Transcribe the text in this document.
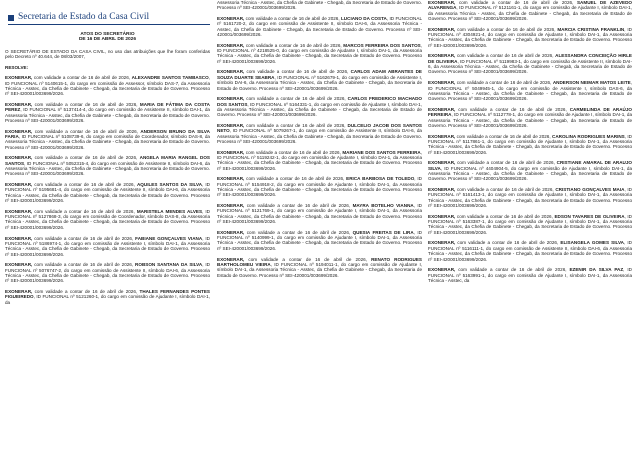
Secretaria de Estado da Casa Civil
ATOS DO SECRETÁRIO
DE 16 DE ABRIL DE 2026
O SECRETÁRIO DE ESTADO DA CASA CIVIL, no uso das atribuições que lhe foram conferidas pelo Decreto nº 40.644, de 08/03/2007,
RESOLVE:
EXONERAR, com validade a contar de 16 de abril de 2026, ALEXANDRE SANTOS TAMBASCO, ID FUNCIONAL nº 5140615-1, do cargo em comissão de Assessor, símbolo DAS-7, da Assessoria Técnica - Assteс, da Chefia de Gabinete - Chegab, da Secretaria de Estado de Governo. Processo nº SEI-420001/003699/2026.
EXONERAR, com validade a contar de 16 de abril de 2026, MARIA DE FÁTIMA DA COSTA PEREZ, ID FUNCIONAL nº 5137414-4, do cargo em comissão de Assistente II, símbolo DAI-1, da Assessoria Técnica - Assteс, da Chefia de Gabinete - Chegab, da Secretaria de Estado de Governo. Processo nº SEI-420001/003699/2026.
EXONERAR, com validade a contar de 16 de abril de 2026, ANDERSON BRUNO DA SILVA FARIA, ID FUNCIONAL nº 5108739-6, do cargo em comissão de Coordenador, símbolo DAS-8, da Assessoria Técnica - Assteс, da Chefia de Gabinete - Chegab, da Secretaria de Estado de Governo. Processo nº SEI-420001/003699/2026.
EXONERAR, com validade a contar de 16 de abril de 2026, ANGELA MARIA RANGEL DOS SANTOS, ID FUNCIONAL nº 5052315-4, do cargo em comissão de Assistente II, símbolo DAI-6, da Assessoria Técnica - Assteс, da Chefia de Gabinete - Chegab, da Secretaria de Estado de Governo. Processo nº SEI-420001/003699/2026.
EXONERAR, com validade a contar de 16 de abril de 2026, AQUILES SANTOS DA SILVA, ID FUNCIONAL nº 5195681-4, do cargo em comissão de Assistente II, símbolo DAI-6, da Assessoria Técnica - Assteс, da Chefia de Gabinete - Chegab, da Secretaria de Estado de Governo. Processo nº SEI-420001/003699/2026.
EXONERAR, com validade a contar de 16 de abril de 2026, MARISTELA MENDES ALVES, ID FUNCIONAL nº 5127868-3, do cargo em comissão de Coordenador, símbolo DAS-8, da Assessoria Técnica - Assteс, da Chefia de Gabinete - Chegab, da Secretaria de Estado de Governo. Processo nº SEI-420001/003699/2026.
EXONERAR, com validade a contar de 16 de abril de 2026, FABIANE GONÇALVES VIANA, ID FUNCIONAL nº 5186974-1, do cargo em comissão de Assistente I, símbolo DAI-1, da Assessoria Técnica - Assteс, da Chefia de Gabinete - Chegab, da Secretaria de Estado de Governo. Processo nº SEI-420001/003699/2026.
EXONERAR, com validade a contar de 16 de abril de 2026, ROBSON SANTANA DA SILVA, ID FUNCIONAL nº 5076747-2, do cargo em comissão de Assistente II, símbolo DAI-6, da Assessoria Técnica - Assteс, da Chefia de Gabinete - Chegab, da Secretaria de Estado de Governo. Processo nº SEI-420001/003699/2026.
EXONERAR, com validade a contar de 16 de abril de 2026, THALES FERNANDES PONTES FIGUEIREDO, ID FUNCIONAL nº 5121260-1, do cargo em comissão de Ajudante I, símbolo DAI-1, da
Assessoria Técnica - Assteс, da Chefia de Gabinete - Chegab, da Secretaria de Estado de Governo. Processo nº SEI-420001/003699/2026.
EXONERAR, com validade a contar de 16 de abril de 2026, LUCIANO DA COSTA, ID FUNCIONAL nº 5161720-2, do cargo em comissão de Assistente II, símbolo DAI-6, da Assessoria Técnica - Assteс, da Chefia de Gabinete - Chegab, da Secretaria de Estado de Governo. Processo nº SEI-420001/003699/2026.
EXONERAR, com validade a contar de 16 de abril de 2026, MARCOS FERREIRA DOS SANTOS, ID FUNCIONAL nº 4218525-0, do cargo em comissão de Ajudante I, símbolo DAI-1, da Assessoria Técnica - Assteс, da Chefia de Gabinete - Chegab, da Secretaria de Estado de Governo. Processo nº SEI-420001/003699/2026.
EXONERAR, com validade a contar de 16 de abril de 2026, CARLOS ADAM ABRANTES DE SOUZA DUARTE SEABRA, ID FUNCIONAL nº 5162679-1, do cargo em comissão de Assistente I, símbolo DAI-6, da Assessoria Técnica - Assteс, da Chefia de Gabinete - Chegab, da Secretaria de Estado de Governo. Processo nº SEI-420001/003699/2026.
EXONERAR, com validade a contar de 16 de abril de 2026, CARLOS FREDERICO MACHADO DOS SANTOS, ID FUNCIONAL nº 5164331-1, do cargo em comissão de Ajudante I, símbolo DAI-1, da Assessoria Técnica - Assteс, da Chefia de Gabinete - Chegab, da Secretaria de Estado de Governo. Processo nº SEI-420001/003699/2026.
EXONERAR, com validade a contar de 16 de abril de 2026, DULCELIO JACOB DOS SANTOS NETO, ID FUNCIONAL nº 5079267-1, do cargo em comissão de Assistente II, símbolo DAI-6, da Assessoria Técnica - Assteс, da Chefia de Gabinete - Chegab, da Secretaria de Estado de Governo. Processo nº SEI-420001/003699/2026.
EXONERAR, com validade a contar de 16 de abril de 2026, MARIANE DOS SANTOS FERREIRA, ID FUNCIONAL nº 5119242-1, do cargo em comissão de Ajudante I, símbolo DAI-1, da Assessoria Técnica - Assteс, da Chefia de Gabinete - Chegab, da Secretaria de Estado de Governo. Processo nº SEI-420001/003699/2026.
EXONERAR, com validade a contar de 16 de abril de 2026, ERICA BARBOSA DE TOLEDO, ID FUNCIONAL nº 5154918-2, do cargo em comissão de Ajudante I, símbolo DAI-1, da Assessoria Técnica - Assteс, da Chefia de Gabinete - Chegab, da Secretaria de Estado de Governo. Processo nº SEI-420001/003699/2026.
EXONERAR, com validade a contar de 16 de abril de 2026, MAYRA BOTELHO VIANNA, ID FUNCIONAL nº 5121769-1, do cargo em comissão de Ajudante I, símbolo DAI-1, da Assessoria Técnica - Assteс, da Chefia de Gabinete - Chegab, da Secretaria de Estado de Governo. Processo nº SEI-420001/003699/2026.
EXONERAR, com validade a contar de 16 de abril de 2026, QUESIA FREITAS DE LIRA, ID FUNCIONAL nº 5140999-1, do cargo em comissão de Ajudante I, símbolo DAI-1, da Assessoria Técnica - Assteс, da Chefia de Gabinete - Chegab, da Secretaria de Estado de Governo. Processo nº SEI-420001/003699/2026.
EXONERAR, com validade a contar de 16 de abril de 2026, RENATO RODRIGUES BARTHOLOMEU VIEIRA, ID FUNCIONAL nº 5194011-1, do cargo em comissão de Ajudante I, símbolo DAI-1, da Assessoria Técnica - Assteс, da Chefia de Gabinete - Chegab, da Secretaria de Estado de Governo. Processo nº SEI-420001/003699/2026.
EXONERAR, com validade a contar de 16 de abril de 2026, SAMUEL DE AZEVEDO ALVARENGA, ID FUNCIONAL nº 5121161-1, do cargo em comissão de Ajudante I, símbolo DAI-1, da Assessoria Técnica - Assteс, da Chefia de Gabinete - Chegab, da Secretaria de Estado de Governo. Processo nº SEI-420001/003699/2026.
EXONERAR, com validade a contar de 16 de abril de 2026, MARCIA CRISTINA FRANKLIN, ID FUNCIONAL nº 4304921-4, do cargo em comissão de Ajudante I, símbolo DAI-1, da Assessoria Técnica - Assteс, da Chefia de Gabinete - Chegab, da Secretaria de Estado de Governo. Processo nº SEI-420001/003699/2026.
EXONERAR, com validade a contar de 16 de abril de 2026, ALESSANDRA CONCEIÇÃO HIRLE DE OLIVEIRA, ID FUNCIONAL nº 5119983-1, do cargo em comissão de Assistente II, símbolo DAI-6, da Assessoria Técnica - Assteс, da Chefia de Gabinete - Chegab, da Secretaria de Estado de Governo. Processo nº SEI-420001/003699/2026.
EXONERAR, com validade a contar de 16 de abril de 2026, ANDERSON NEIMAR MATOS LEITE, ID FUNCIONAL nº 5049945-1, do cargo em comissão de Assistente I, símbolo DAS-6, da Assessoria Técnica - Assteс, da Chefia de Gabinete - Chegab, da Secretaria de Estado de Governo. Processo nº SEI-420001/003699/2026.
EXONERAR, com validade a contar de 16 de abril de 2026, CARMELINDA DE ARAÚJO FERREIRA, ID FUNCIONAL nº 5112778-1, do cargo em comissão de Ajudante I, símbolo DAI-1, da Assessoria Técnica - Assteс, da Chefia de Gabinete - Chegab, da Secretaria de Estado de Governo. Processo nº SEI-420001/003699/2026.
EXONERAR, com validade a contar de 16 de abril de 2026, CAROLINA RODRIGUES MARINS, ID FUNCIONAL nº 5117861-1, do cargo em comissão de Ajudante I, símbolo DAI-1, da Assessoria Técnica - Assteс, da Chefia de Gabinete - Chegab, da Secretaria de Estado de Governo. Processo nº SEI-420001/003699/2026.
EXONERAR, com validade a contar de 16 de abril de 2026, CRISTIANE AMARAL DE ARAUJO SILVA, ID FUNCIONAL nº 4404904-5, do cargo em comissão de Ajudante I, símbolo DAI-1, da Assessoria Técnica - Assteс, da Chefia de Gabinete - Chegab, da Secretaria de Estado de Governo. Processo nº SEI-420001/003699/2026.
EXONERAR, com validade a contar de 16 de abril de 2026, CRISTIANO GONÇALVES MAIA, ID FUNCIONAL nº 5161413-1, do cargo em comissão de Ajudante I, símbolo DAI-1, da Assessoria Técnica - Assteс, da Chefia de Gabinete - Chegab, da Secretaria de Estado de Governo. Processo nº SEI-420001/003699/2026.
EXONERAR, com validade a contar de 16 de abril de 2026, EDSON TAVARES DE OLIVEIRA, ID FUNCIONAL nº 5163387-1, do cargo em comissão de Ajudante I, símbolo DAI-1, da Assessoria Técnica - Assteс, da Chefia de Gabinete - Chegab, da Secretaria de Estado de Governo. Processo nº SEI-420001/003699/2026.
EXONERAR, com validade a contar de 16 de abril de 2026, ELISANGELA GOMES SILVA, ID FUNCIONAL nº 5116111-1, do cargo em comissão de Assistente II, símbolo DAI-6, da Assessoria Técnica - Assteс, da Chefia de Gabinete - Chegab, da Secretaria de Estado de Governo. Processo nº SEI-420001/003699/2026.
EXONERAR, com validade a contar de 16 de abril de 2026, EZENIR DA SILVA PAZ, ID FUNCIONAL nº 5163991-1, do cargo em comissão de Ajudante I, símbolo DAI-1, da Assessoria Técnica - Assteс, da
